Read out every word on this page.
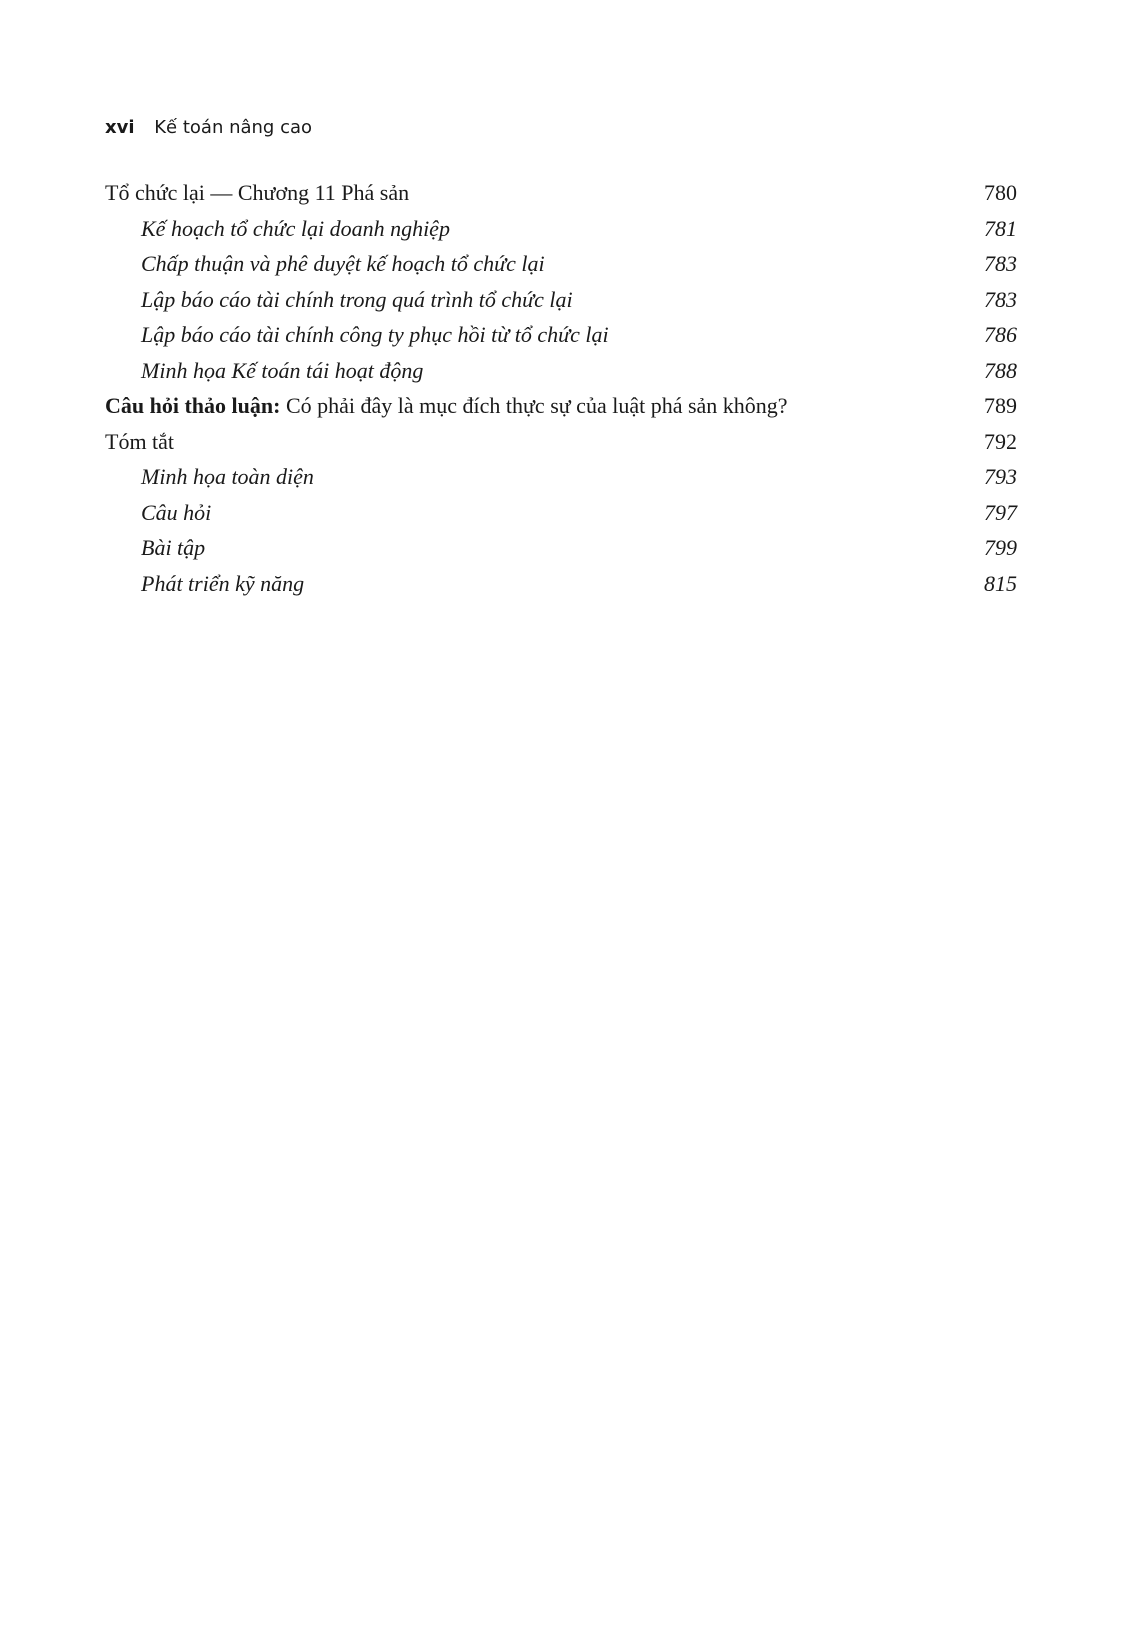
xvi Kế toán nâng cao
Tổ chức lại — Chương 11 Phá sản	780
Kế hoạch tổ chức lại doanh nghiệp	781
Chấp thuận và phê duyệt kế hoạch tổ chức lại	783
Lập báo cáo tài chính trong quá trình tổ chức lại	783
Lập báo cáo tài chính công ty phục hồi từ tổ chức lại	786
Minh họa Kế toán tái hoạt động	788
Câu hỏi thảo luận: Có phải đây là mục đích thực sự của luật phá sản không?	789
Tóm tắt	792
Minh họa toàn diện	793
Câu hỏi	797
Bài tập	799
Phát triển kỹ năng	815
